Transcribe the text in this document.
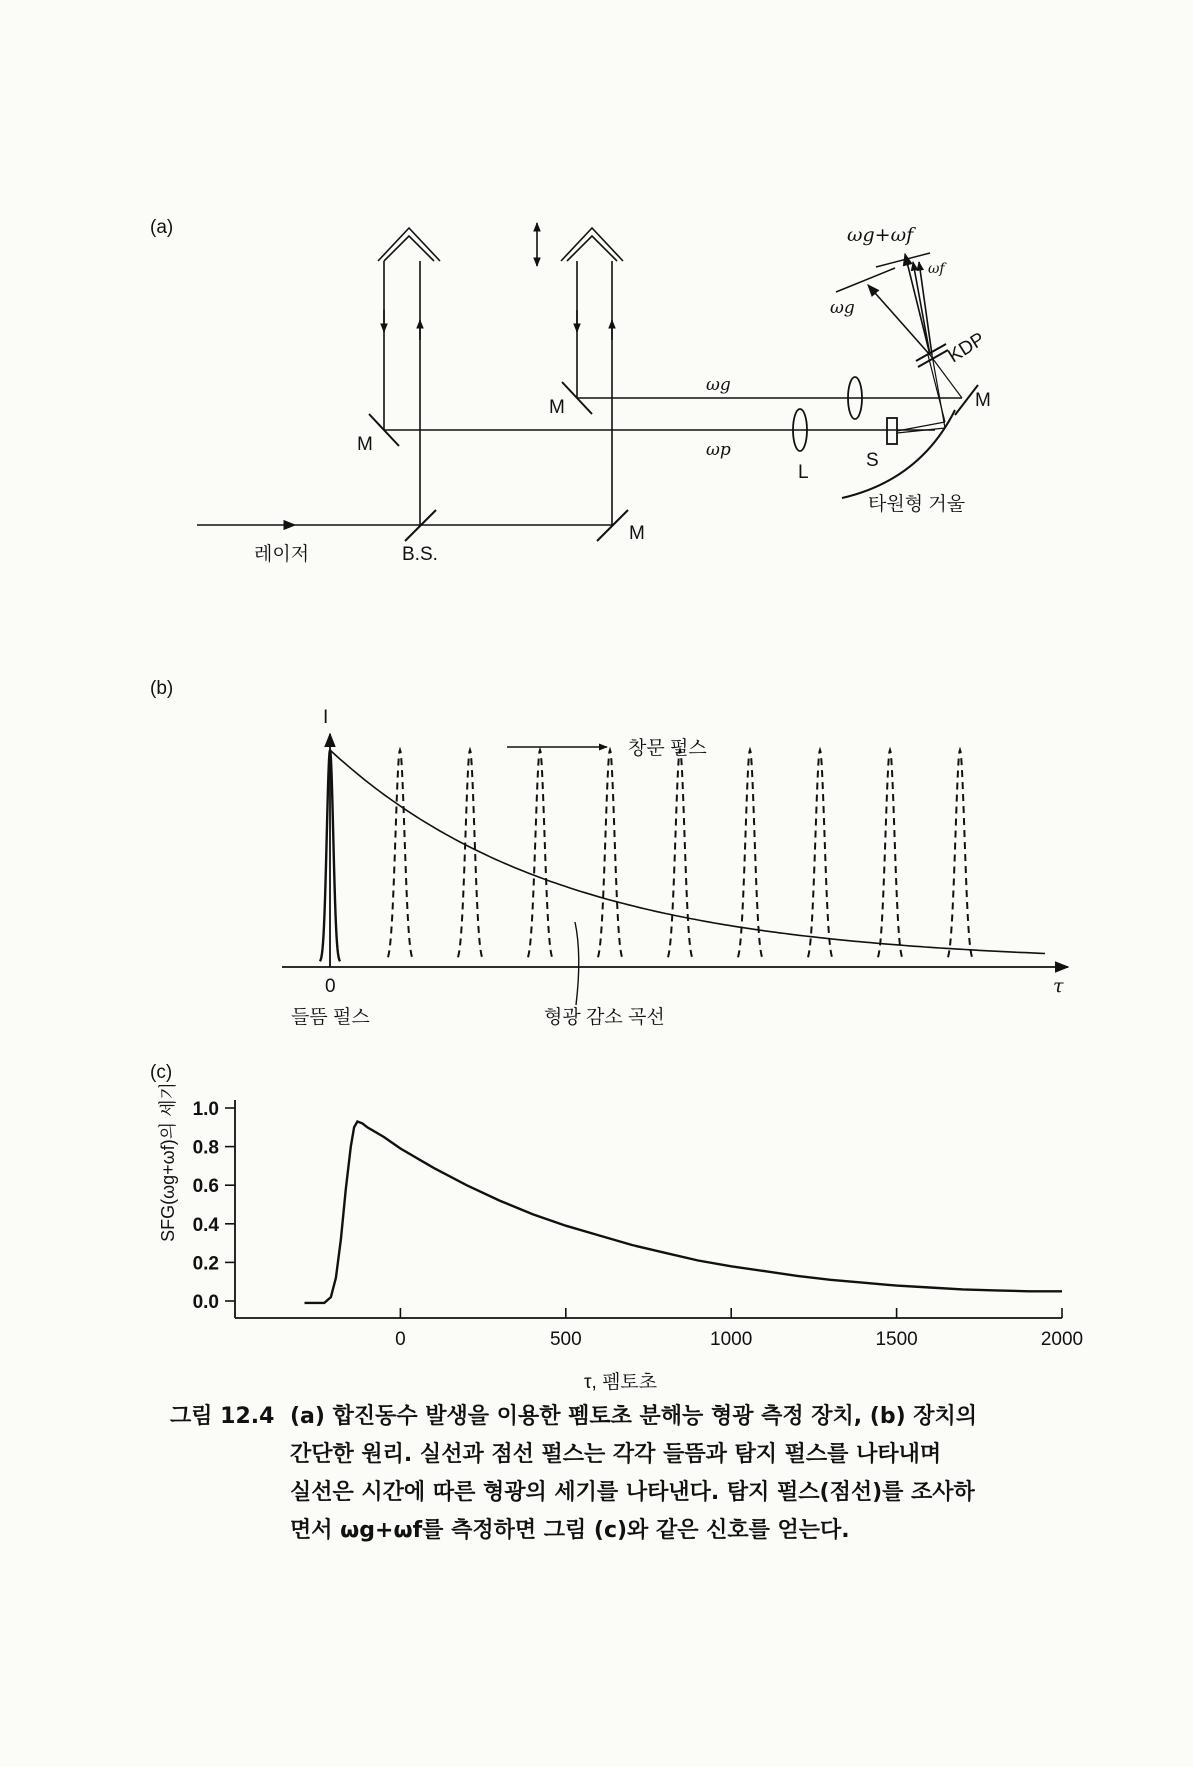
(a)	ωg+ωf
ωf
ωg
KDP
M
M
M
M
ωg
ωp
L
S
타원형 거울
레이저	B.S.
(b)
I
창문 펄스
0	τ
들뜸 펄스	형광 감소 곡선
(c)
0.0
0.2
0.4
0.6
0.8
1.0
0	500	1000	1500	2000
τ, 펨토초
SFG(ωg+ωf)의 세기
그림 12.4 (a) 합진동수 발생을 이용한 펨토초 분해능 형광 측정 장치, (b) 장치의
간단한 원리. 실선과 점선 펄스는 각각 들뜸과 탐지 펄스를 나타내며
실선은 시간에 따른 형광의 세기를 나타낸다. 탐지 펄스(점선)를 조사하
면서 ωg+ωf를 측정하면 그림 (c)와 같은 신호를 얻는다.
